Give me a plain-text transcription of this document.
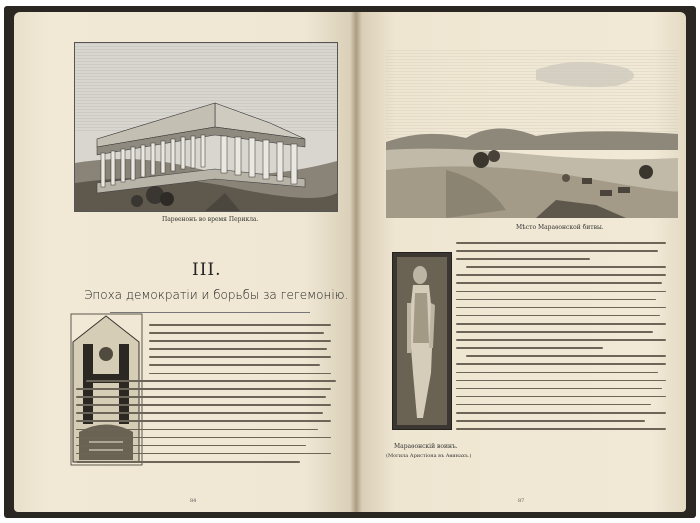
Парѳенонъ во время Перикла.
III.
Эпоха демократіи и борьбы за гегемонію.
84
Мѣсто Мараѳонской битвы.
Мараѳонскій воинъ.
(Могила Аристіона въ Аѳинахъ.)
87
